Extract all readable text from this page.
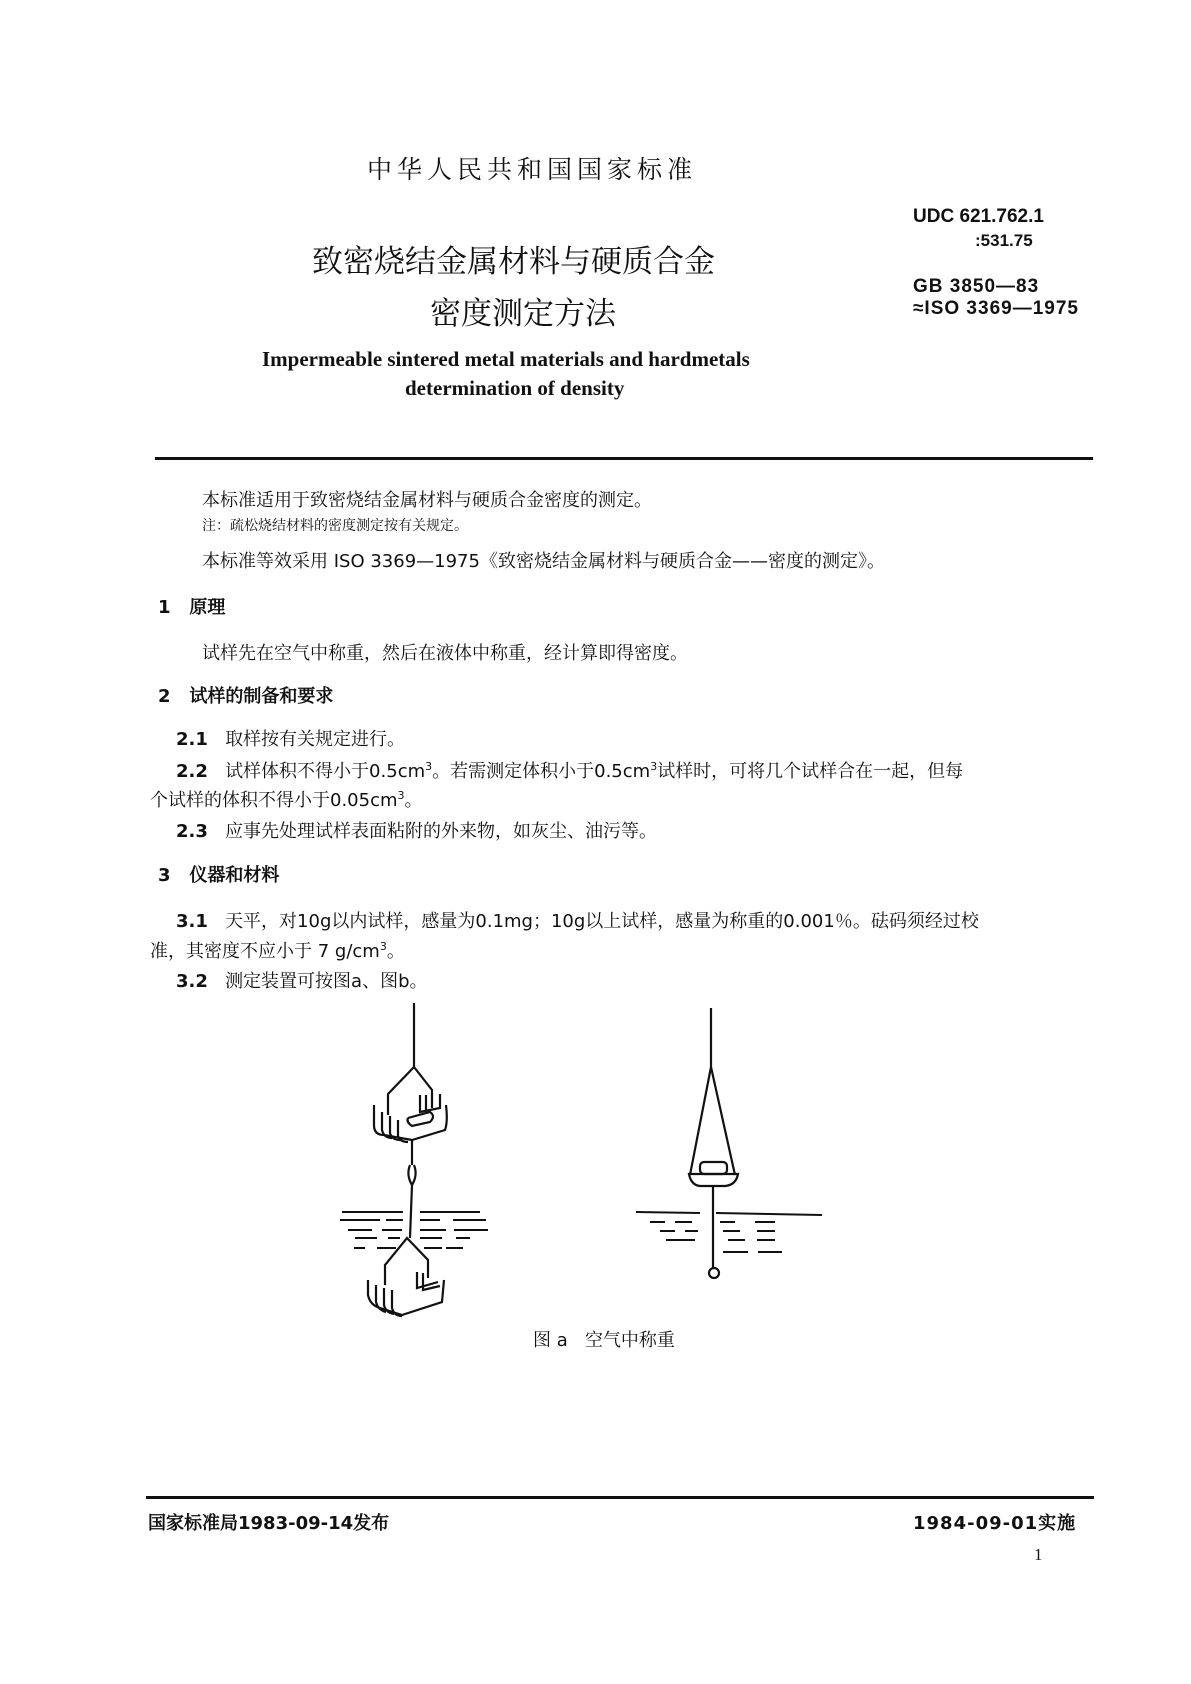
中华人民共和国国家标准
UDC 621.762.1
:531.75
GB 3850—83
≈ISO 3369—1975
致密烧结金属材料与硬质合金
密度测定方法
Impermeable sintered metal materials and hardmetals
determination of density
本标准适用于致密烧结金属材料与硬质合金密度的测定。
注：疏松烧结材料的密度测定按有关规定。
本标准等效采用 ISO 3369—1975《致密烧结金属材料与硬质合金——密度的测定》。
1 原理
试样先在空气中称重，然后在液体中称重，经计算即得密度。
2 试样的制备和要求
2.1 取样按有关规定进行。
2.2 试样体积不得小于$0.5cm^3$。若需测定体积小于$0.5cm^3$试样时，可将几个试样合在一起，但每
个试样的体积不得小于$0.05cm^3$。
2.3 应事先处理试样表面粘附的外来物，如灰尘、油污等。
3 仪器和材料
3.1 天平，对10g以内试样，感量为0.1mg；10g以上试样，感量为称重的0.001％。砝码须经过校
准，其密度不应小于 7 $g/cm^3$。
3.2 测定装置可按图a、图b。
图 a 空气中称重
国家标准局1983-09-14发布	1984-09-01实施
1
